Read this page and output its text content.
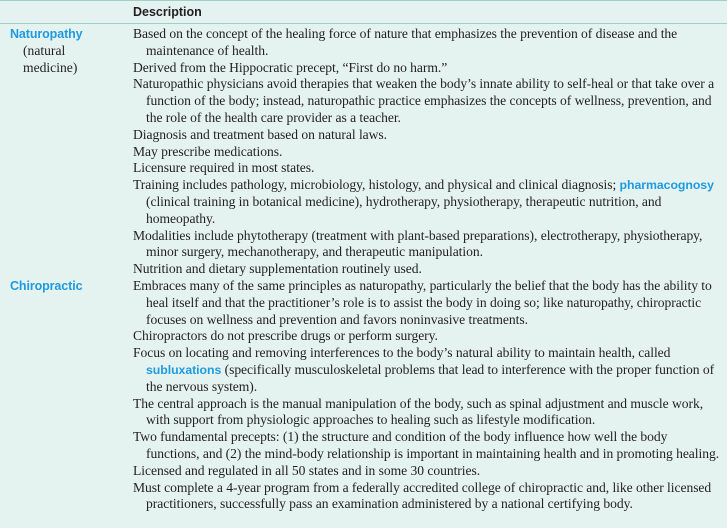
Description
Naturopathy
(natural
medicine)
Based on the concept of the healing force of nature that emphasizes the prevention of disease and the maintenance of health.
Derived from the Hippocratic precept, “First do no harm.”
Naturopathic physicians avoid therapies that weaken the body’s innate ability to self-heal or that take over a function of the body; instead, naturopathic practice emphasizes the concepts of wellness, prevention, and the role of the health care provider as a teacher.
Diagnosis and treatment based on natural laws.
May prescribe medications.
Licensure required in most states.
Training includes pathology, microbiology, histology, and physical and clinical diagnosis; pharmacognosy (clinical training in botanical medicine), hydrotherapy, physiotherapy, therapeutic nutrition, and homeopathy.
Modalities include phytotherapy (treatment with plant-based preparations), electrotherapy, physiotherapy, minor surgery, mechanotherapy, and therapeutic manipulation.
Nutrition and dietary supplementation routinely used.
Chiropractic	Embraces many of the same principles as naturopathy, particularly the belief that the body has the ability to heal itself and that the practitioner’s role is to assist the body in doing so; like naturopathy, chiropractic focuses on wellness and prevention and favors noninvasive treatments.
Chiropractors do not prescribe drugs or perform surgery.
Focus on locating and removing interferences to the body’s natural ability to maintain health, called subluxations (specifically musculoskeletal problems that lead to interference with the proper function of the nervous system).
The central approach is the manual manipulation of the body, such as spinal adjustment and muscle work, with support from physiologic approaches to healing such as lifestyle modification.
Two fundamental precepts: (1) the structure and condition of the body influence how well the body functions, and (2) the mind-body relationship is important in maintaining health and in promoting healing.
Licensed and regulated in all 50 states and in some 30 countries.
Must complete a 4-year program from a federally accredited college of chiropractic and, like other licensed practitioners, successfully pass an examination administered by a national certifying body.
